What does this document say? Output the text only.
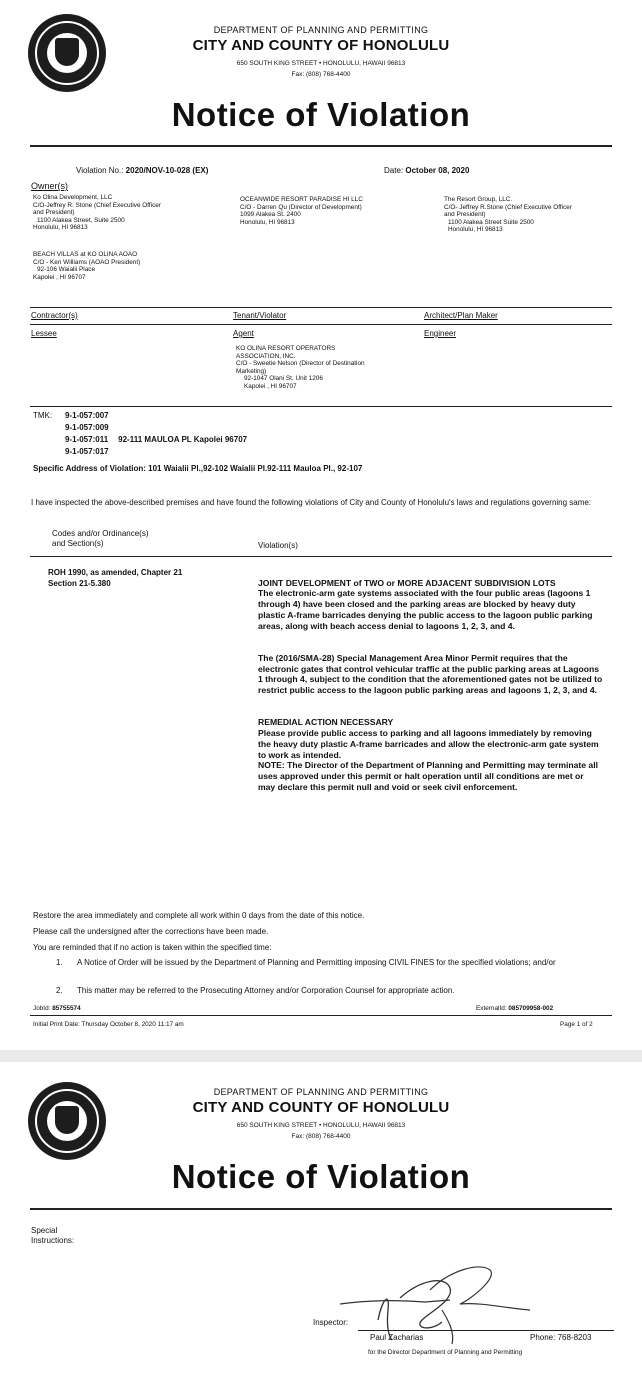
DEPARTMENT OF PLANNING AND PERMITTING
CITY AND COUNTY OF HONOLULU
650 SOUTH KING STREET • HONOLULU, HAWAII 96813
Fax: (808) 768-4400
Notice of Violation
Violation No.: 2020/NOV-10-028 (EX)	Date: October 08, 2020
Owner(s)
Ko Olina Development, LLC
C/O-Jeffrey R. Stone (Chief Executive Officer
and President)
1100 Alakea Street, Suite 2500
Honolulu, HI 96813
BEACH VILLAS at KO OLINA AOAO
C/O - Ken Williams (AOAO President)
92-106 Waialii Place
Kapolei , HI 96707
OCEANWIDE RESORT PARADISE HI LLC
C/O - Darren Qu (Director of Development)
1099 Alakea St. 2400
Honolulu, HI 96813
The Resort Group, LLC.
C/O- Jeffrey R.Stone (Chief Executive Officer
and President)
1100 Alakea Street Suite 2500
Honolulu, HI 96813
Contractor(s)	Tenant/Violator	Architect/Plan Maker
Lessee	Agent	Engineer
KO OLINA RESORT OPERATORS
ASSOCIATION, INC.
C/O - Sweetie Nelson (Director of Destination
Marketing)
92-1047 Olani St. Unit 1206
Kapolei , HI 96707
TMK: 9-1-057:007
9-1-057:009
9-1-057:011 92-111 MAULOA PL Kapolei 96707
9-1-057:017
Specific Address of Violation: 101 Waialii Pl.,92-102 Waialii Pl.92-111 Mauloa Pl., 92-107
I have inspected the above-described premises and have found the following violations of City and County of Honolulu's laws and regulations governing same:
Codes and/or Ordinance(s)
and Section(s)	Violation(s)
ROH 1990, as amended, Chapter 21
Section 21-5.380	JOINT DEVELOPMENT of TWO or MORE ADJACENT SUBDIVISION LOTS
The electronic-arm gate systems associated with the four public areas (lagoons 1 through 4) have been closed and the parking areas are blocked by heavy duty plastic A-frame barricades denying the public access to the lagoon public parking areas, along with beach access denial to lagoons 1, 2, 3, and 4.

The (2016/SMA-28) Special Management Area Minor Permit requires that the electronic gates that control vehicular traffic at the public parking areas at Lagoons 1 through 4, subject to the condition that the aforementioned gates not be utilized to restrict public access to the lagoon public parking areas and lagoons 1, 2, 3, and 4.

REMEDIAL ACTION NECESSARY
Please provide public access to parking and all lagoons immediately by removing the heavy duty plastic A-frame barricades and allow the electronic-arm gate system to work as intended.
NOTE: The Director of the Department of Planning and Permitting may terminate all uses approved under this permit or halt operation until all conditions are met or may declare this permit null and void or seek civil enforcement.

Restore the area immediately and complete all work within 0 days from the date of this notice.
Please call the undersigned after the corrections have been made.
You are reminded that if no action is taken within the specified time:
1. A Notice of Order will be issued by the Department of Planning and Permitting imposing CIVIL FINES for the specified violations; and/or
2. This matter may be referred to the Prosecuting Attorney and/or Corporation Counsel for appropriate action.
JobId: 85755574	ExternalId: 085709958-002
Initial Print Date: Thursday October 8, 2020 11:17 am	Page 1 of 2
DEPARTMENT OF PLANNING AND PERMITTING
CITY AND COUNTY OF HONOLULU
650 SOUTH KING STREET • HONOLULU, HAWAII 96813
Fax: (808) 768-4400
Notice of Violation
Special
Instructions:
Inspector:
Paul Zacharias	Phone: 768-8203
for the Director Department of Planning and Permitting
